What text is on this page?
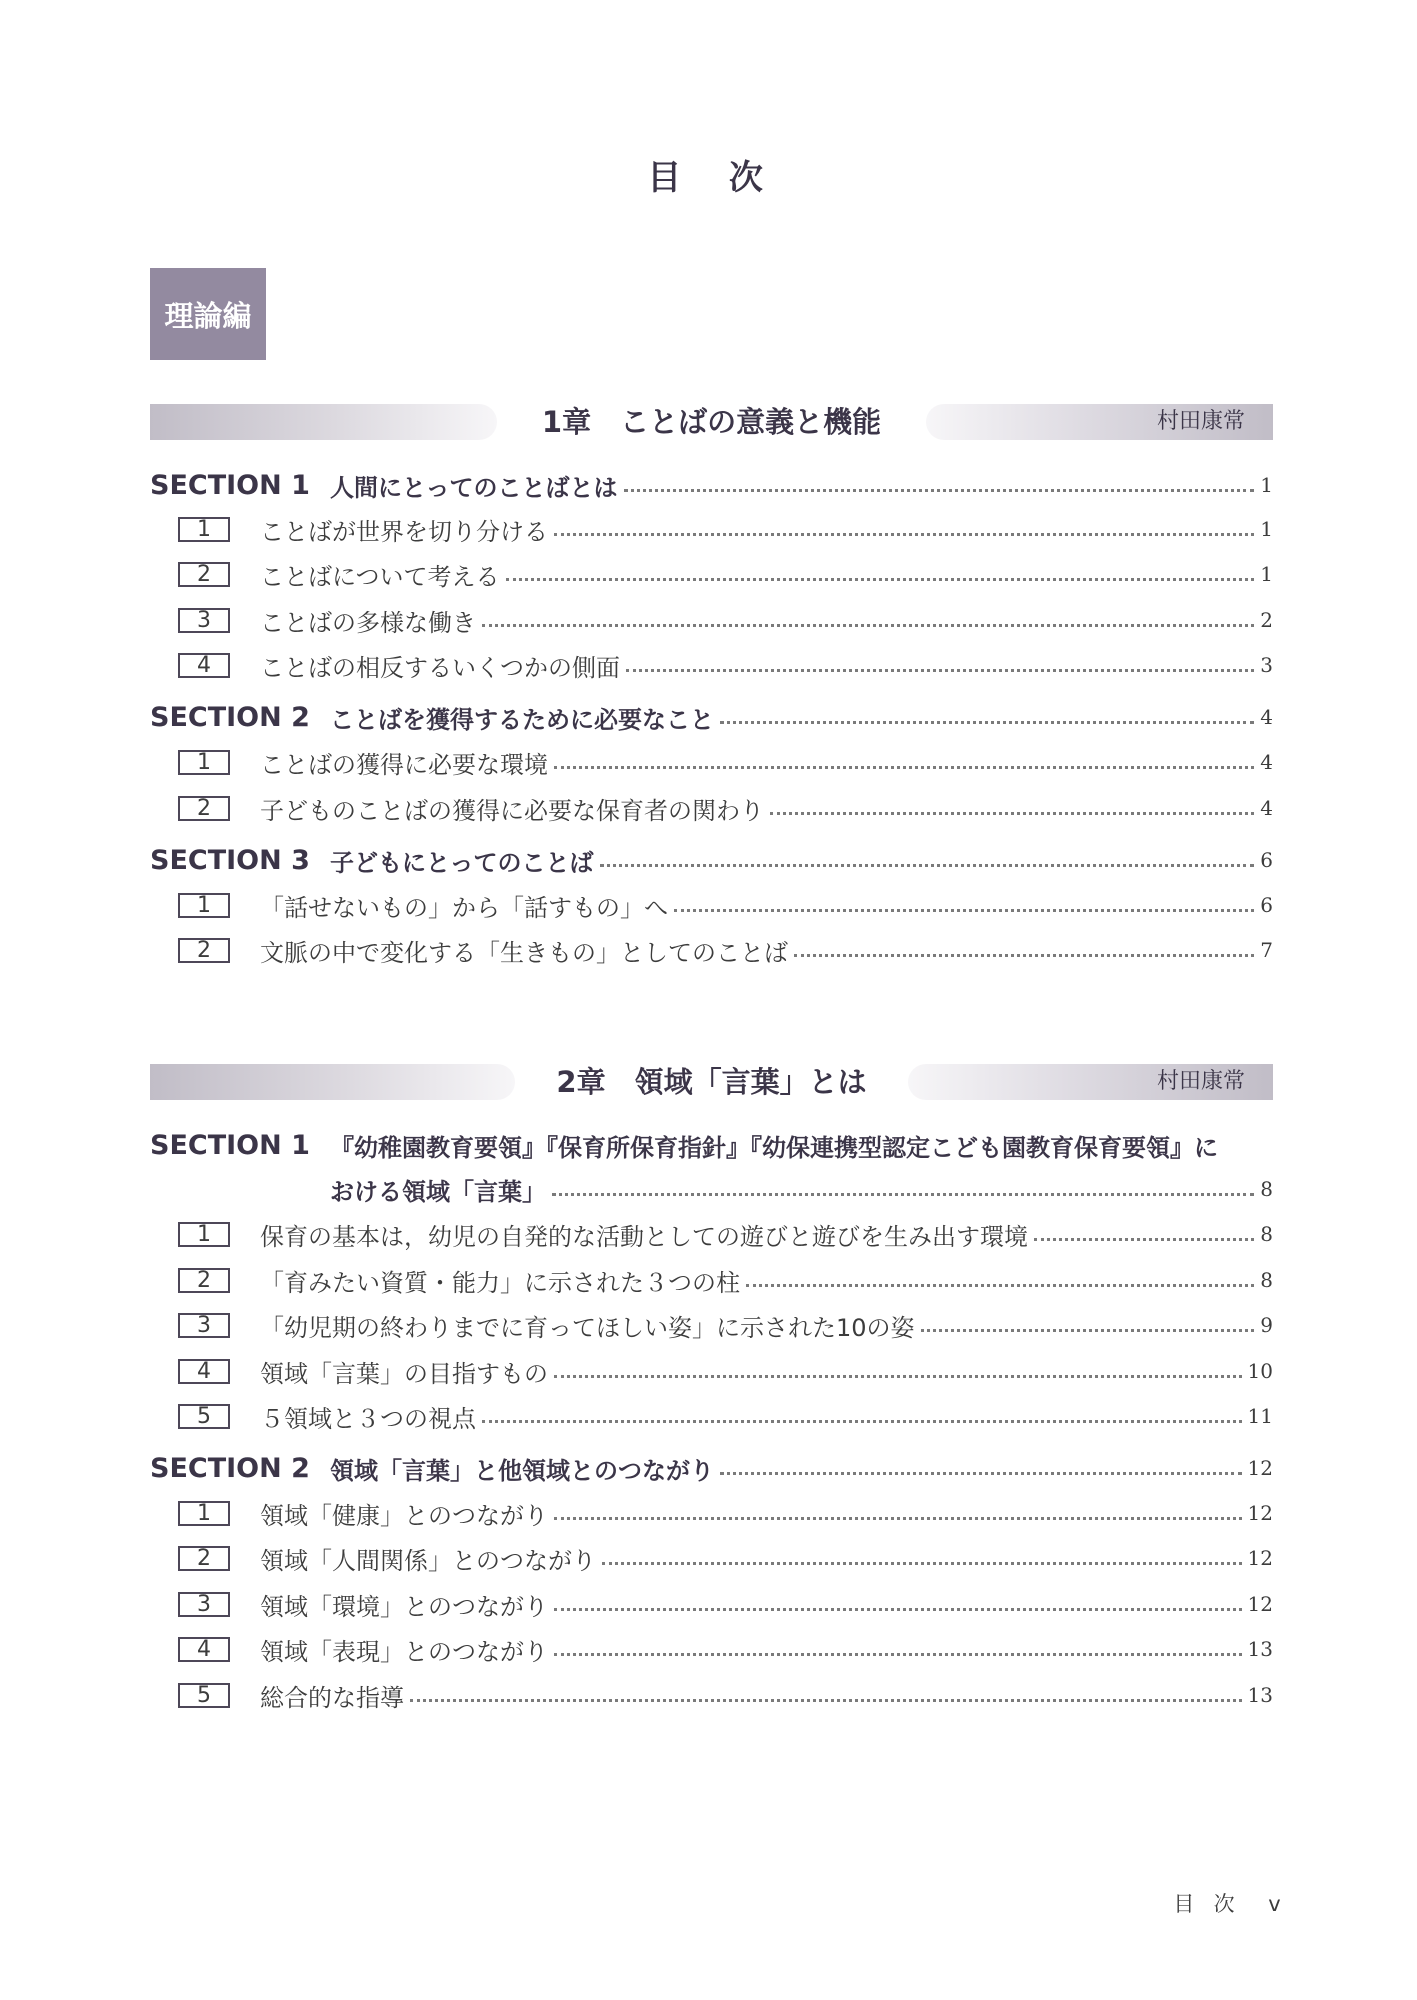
目　次
理論編
1章　ことばの意義と機能	村田康常
SECTION 1 人間にとってのことばとは	1
1	ことばが世界を切り分ける	1
2	ことばについて考える	1
3	ことばの多様な働き	2
4	ことばの相反するいくつかの側面	3
SECTION 2 ことばを獲得するために必要なこと	4
1	ことばの獲得に必要な環境	4
2	子どものことばの獲得に必要な保育者の関わり	4
SECTION 3 子どもにとってのことば	6
1	「話せないもの」から「話すもの」へ	6
2	文脈の中で変化する「生きもの」としてのことば	7
2章　領域「言葉」とは	村田康常
SECTION 1 『幼稚園教育要領』『保育所保育指針』『幼保連携型認定こども園教育保育要領』に
おける領域「言葉」	8
1	保育の基本は，幼児の自発的な活動としての遊びと遊びを生み出す環境	8
2	「育みたい資質・能力」に示された３つの柱	8
3	「幼児期の終わりまでに育ってほしい姿」に示された10の姿	9
4	領域「言葉」の目指すもの	10
5	５領域と３つの視点	11
SECTION 2 領域「言葉」と他領域とのつながり	12
1	領域「健康」とのつながり	12
2	領域「人間関係」とのつながり	12
3	領域「環境」とのつながり	12
4	領域「表現」とのつながり	13
5	総合的な指導	13
目 次　v
